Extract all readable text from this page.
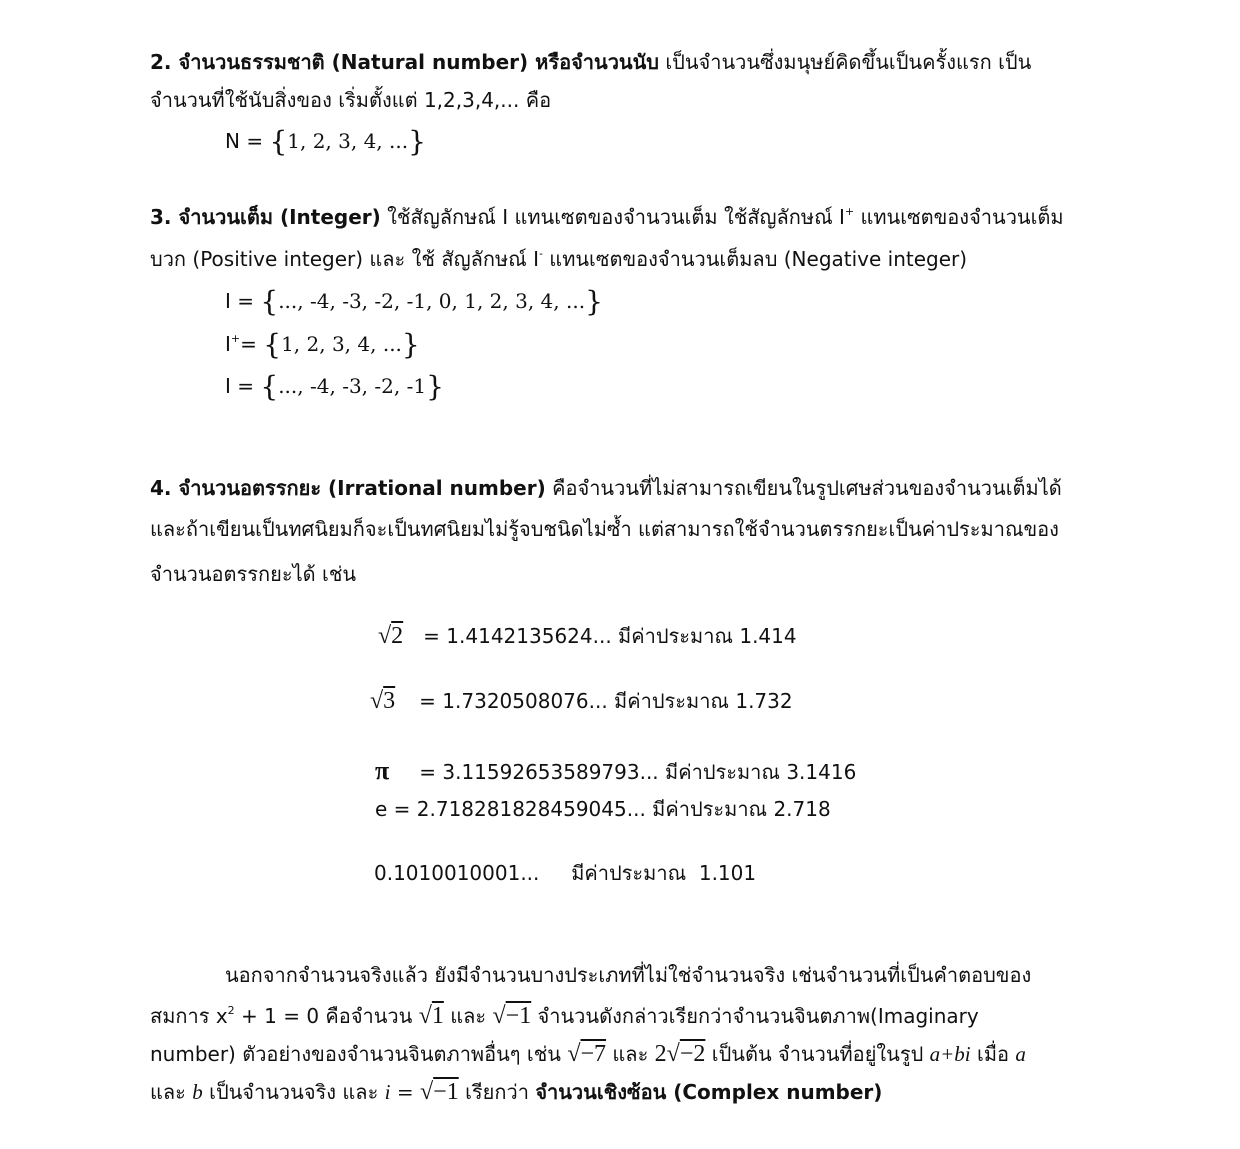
2. จำนวนธรรมชาติ (Natural number) หรือจำนวนนับ เป็นจำนวนซึ่งมนุษย์คิดขึ้นเป็นครั้งแรก เป็น
จำนวนที่ใช้นับสิ่งของ เริ่มตั้งแต่ 1,2,3,4,... คือ
N = {1, 2, 3, 4, ...}
3. จำนวนเต็ม (Integer) ใช้สัญลักษณ์ I แทนเซตของจำนวนเต็ม ใช้สัญลักษณ์ I+ แทนเซตของจำนวนเต็ม
บวก (Positive integer) และ ใช้ สัญลักษณ์ I- แทนเซตของจำนวนเต็มลบ (Negative integer)
I = {..., -4, -3, -2, -1, 0, 1, 2, 3, 4, ...}
I+= {1, 2, 3, 4, ...}
I = {..., -4, -3, -2, -1}
4. จำนวนอตรรกยะ (Irrational number) คือจำนวนที่ไม่สามารถเขียนในรูปเศษส่วนของจำนวนเต็มได้
และถ้าเขียนเป็นทศนิยมก็จะเป็นทศนิยมไม่รู้จบชนิดไม่ซ้ำ แต่สามารถใช้จำนวนตรรกยะเป็นค่าประมาณของ
จำนวนอตรรกยะได้ เช่น
√2 = 1.4142135624... มีค่าประมาณ 1.414
√3 = 1.7320508076... มีค่าประมาณ 1.732
π = 3.11592653589793... มีค่าประมาณ 3.1416
e = 2.718281828459045... มีค่าประมาณ 2.718
0.1010010001...     มีค่าประมาณ  1.101
นอกจากจำนวนจริงแล้ว ยังมีจำนวนบางประเภทที่ไม่ใช่จำนวนจริง เช่นจำนวนที่เป็นคำตอบของ
สมการ $x^2 + 1 = 0$ คือจำนวน √1 และ √−1 จำนวนดังกล่าวเรียกว่าจำนวนจินตภาพ(Imaginary
number) ตัวอย่างของจำนวนจินตภาพอื่นๆ เช่น √−7 และ 2√−2 เป็นต้น จำนวนที่อยู่ในรูป a+bi เมื่อ a
และ b เป็นจำนวนจริง และ i = √−1 เรียกว่า จำนวนเชิงซ้อน (Complex number)
